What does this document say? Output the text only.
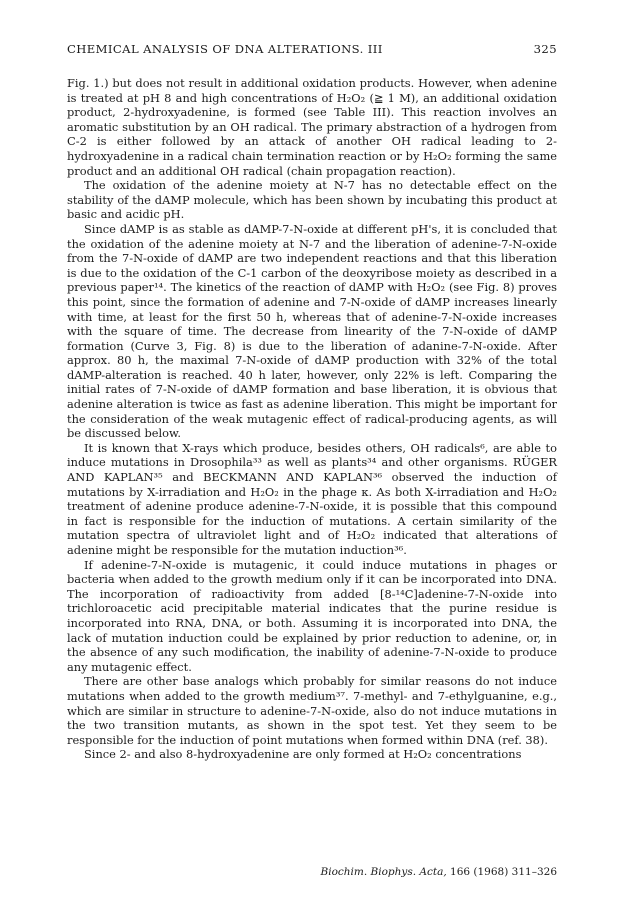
CHEMICAL ANALYSIS OF DNA ALTERATIONS. III	325

Fig. 1.) but does not result in additional oxidation products. However, when adenine is treated at pH 8 and high concentrations of H₂O₂ (≧ 1 M), an additional oxidation product, 2-hydroxyadenine, is formed (see Table III). This reaction involves an aromatic substitution by an OH radical. The primary abstraction of a hydrogen from C-2 is either followed by an attack of another OH radical leading to 2-hydroxyadenine in a radical chain termination reaction or by H₂O₂ forming the same product and an additional OH radical (chain propagation reaction).

The oxidation of the adenine moiety at N-7 has no detectable effect on the stability of the dAMP molecule, which has been shown by incubating this product at basic and acidic pH.

Since dAMP is as stable as dAMP-7-N-oxide at different pH's, it is concluded that the oxidation of the adenine moiety at N-7 and the liberation of adenine-7-N-oxide from the 7-N-oxide of dAMP are two independent reactions and that this liberation is due to the oxidation of the C-1 carbon of the deoxyribose moiety as described in a previous paper¹⁴. The kinetics of the reaction of dAMP with H₂O₂ (see Fig. 8) proves this point, since the formation of adenine and 7-N-oxide of dAMP increases linearly with time, at least for the first 50 h, whereas that of adenine-7-N-oxide increases with the square of time. The decrease from linearity of the 7-N-oxide of dAMP formation (Curve 3, Fig. 8) is due to the liberation of adanine-7-N-oxide. After approx. 80 h, the maximal 7-N-oxide of dAMP production with 32% of the total dAMP-alteration is reached. 40 h later, however, only 22% is left. Comparing the initial rates of 7-N-oxide of dAMP formation and base liberation, it is obvious that adenine alteration is twice as fast as adenine liberation. This might be important for the consideration of the weak mutagenic effect of radical-producing agents, as will be discussed below.

It is known that X-rays which produce, besides others, OH radicals⁶, are able to induce mutations in Drosophila³³ as well as plants³⁴ and other organisms. RÜGER AND KAPLAN³⁵ and BECKMANN AND KAPLAN³⁶ observed the induction of mutations by X-irradiation and H₂O₂ in the phage κ. As both X-irradiation and H₂O₂ treatment of adenine produce adenine-7-N-oxide, it is possible that this compound in fact is responsible for the induction of mutations. A certain similarity of the mutation spectra of ultraviolet light and of H₂O₂ indicated that alterations of adenine might be responsible for the mutation induction³⁶.

If adenine-7-N-oxide is mutagenic, it could induce mutations in phages or bacteria when added to the growth medium only if it can be incorporated into DNA. The incorporation of radioactivity from added [8-¹⁴C]adenine-7-N-oxide into trichloroacetic acid precipitable material indicates that the purine residue is incorporated into RNA, DNA, or both. Assuming it is incorporated into DNA, the lack of mutation induction could be explained by prior reduction to adenine, or, in the absence of any such modification, the inability of adenine-7-N-oxide to produce any mutagenic effect.

There are other base analogs which probably for similar reasons do not induce mutations when added to the growth medium³⁷. 7-methyl- and 7-ethylguanine, e.g., which are similar in structure to adenine-7-N-oxide, also do not induce mutations in the two transition mutants, as shown in the spot test. Yet they seem to be responsible for the induction of point mutations when formed within DNA (ref. 38).

Since 2- and also 8-hydroxyadenine are only formed at H₂O₂ concentrations

Biochim. Biophys. Acta, 166 (1968) 311–326
